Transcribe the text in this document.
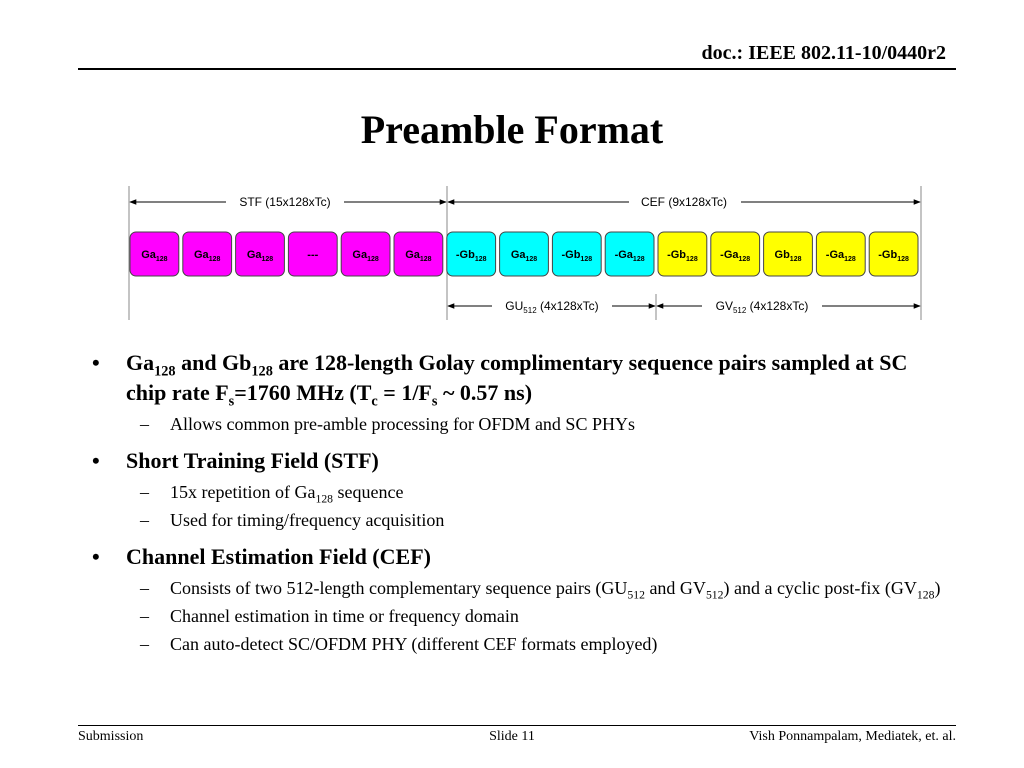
doc.: IEEE 802.11-10/0440r2
Preamble Format
STF (15x128xTc)	CEF (9x128xTc)
$Ga_{128}$ $Ga_{128}$ $Ga_{128}$	---	$Ga_{128}$ $Ga_{128}$ $-Gb_{128}$ $Ga_{128}$ $-Gb_{128}$ $-Ga_{128}$ $-Gb_{128}$ $-Ga_{128}$ $Gb_{128}$ $-Ga_{128}$ $-Gb_{128}$
$GU_{512}$ (4x128xTc)	$GV_{512}$ (4x128xTc)
• $Ga_{128}$ and $Gb_{128}$ are 128-length Golay complimentary sequence pairs sampled at SC chip rate $F_s=1760$ MHz ($T_c = 1/F_s$ ~ 0.57 ns)
– Allows common pre-amble processing for OFDM and SC PHYs
• Short Training Field (STF)
– 15x repetition of $Ga_{128}$ sequence
– Used for timing/frequency acquisition
• Channel Estimation Field (CEF)
– Consists of two 512-length complementary sequence pairs ($GU_{512}$ and $GV_{512}$) and a cyclic post-fix $(GV_{128})$
– Channel estimation in time or frequency domain
– Can auto-detect SC/OFDM PHY (different CEF formats employed)
Submission	Slide 11	Vish Ponnampalam, Mediatek, et. al.
